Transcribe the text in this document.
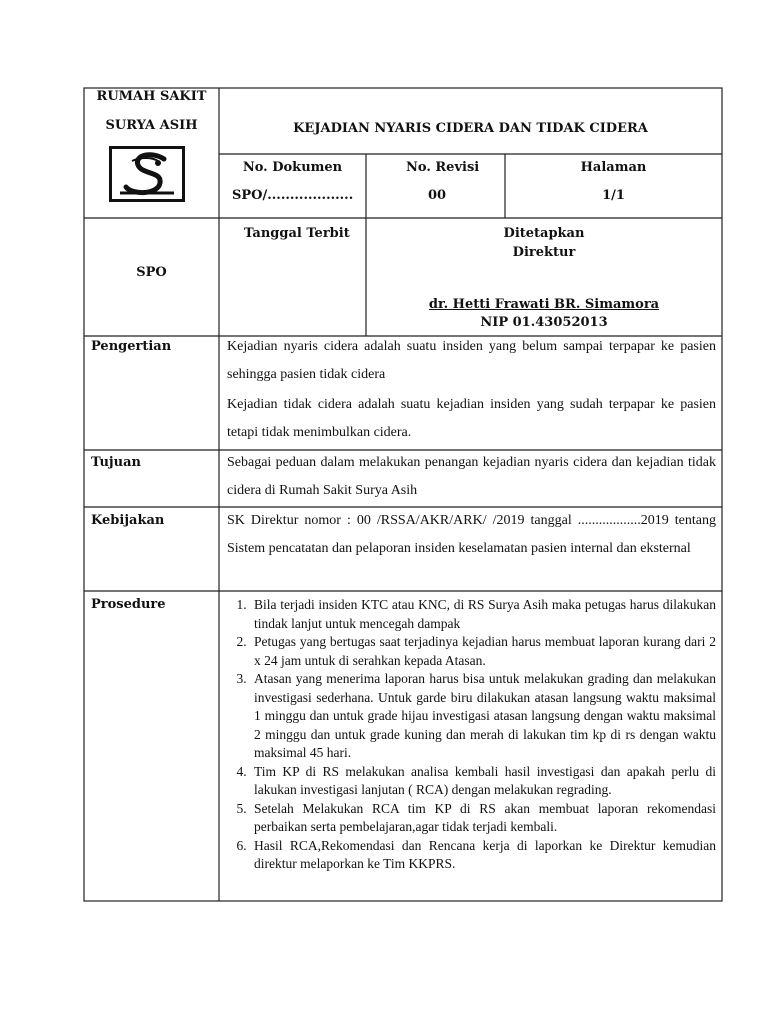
RUMAH SAKIT
SURYA ASIH	KEJADIAN NYARIS CIDERA DAN TIDAK CIDERA
No. Dokumen
SPO/...................
No. Revisi
00
Halaman
1/1
SPO
Tanggal Terbit	Ditetapkan
Direktur
dr. Hetti Frawati BR. Simamora
NIP 01.43052013
Pengertian	Kejadian nyaris cidera adalah suatu insiden yang belum sampai terpapar ke pasien sehingga pasien tidak cidera
Kejadian tidak cidera adalah suatu kejadian insiden yang sudah terpapar ke pasien tetapi tidak menimbulkan cidera.
Tujuan	Sebagai peduan dalam melakukan penangan kejadian nyaris cidera dan kejadian tidak cidera di Rumah Sakit Surya Asih
Kebijakan	SK Direktur nomor : 00 /RSSA/AKR/ARK/ /2019 tanggal ..................2019 tentang Sistem pencatatan dan pelaporan insiden keselamatan pasien internal dan eksternal
Prosedure
1.	Bila terjadi insiden KTC atau KNC, di RS Surya Asih maka petugas harus dilakukan tindak lanjut untuk mencegah dampak
2. Petugas yang bertugas saat terjadinya kejadian harus membuat laporan kurang dari 2 x 24 jam untuk di serahkan kepada Atasan.
3. Atasan yang menerima laporan harus bisa untuk melakukan grading dan melakukan investigasi sederhana. Untuk garde biru dilakukan atasan langsung waktu maksimal 1 minggu dan untuk grade hijau investigasi atasan langsung dengan waktu maksimal 2 minggu dan untuk grade kuning dan merah di lakukan tim kp di rs dengan waktu maksimal 45 hari.
4. Tim KP di RS melakukan analisa kembali hasil investigasi dan apakah perlu di lakukan investigasi lanjutan ( RCA) dengan melakukan regrading.
5. Setelah Melakukan RCA tim KP di RS akan membuat laporan rekomendasi perbaikan serta pembelajaran,agar tidak terjadi kembali.
6. Hasil RCA,Rekomendasi dan Rencana kerja di laporkan ke Direktur kemudian direktur melaporkan ke Tim KKPRS.
